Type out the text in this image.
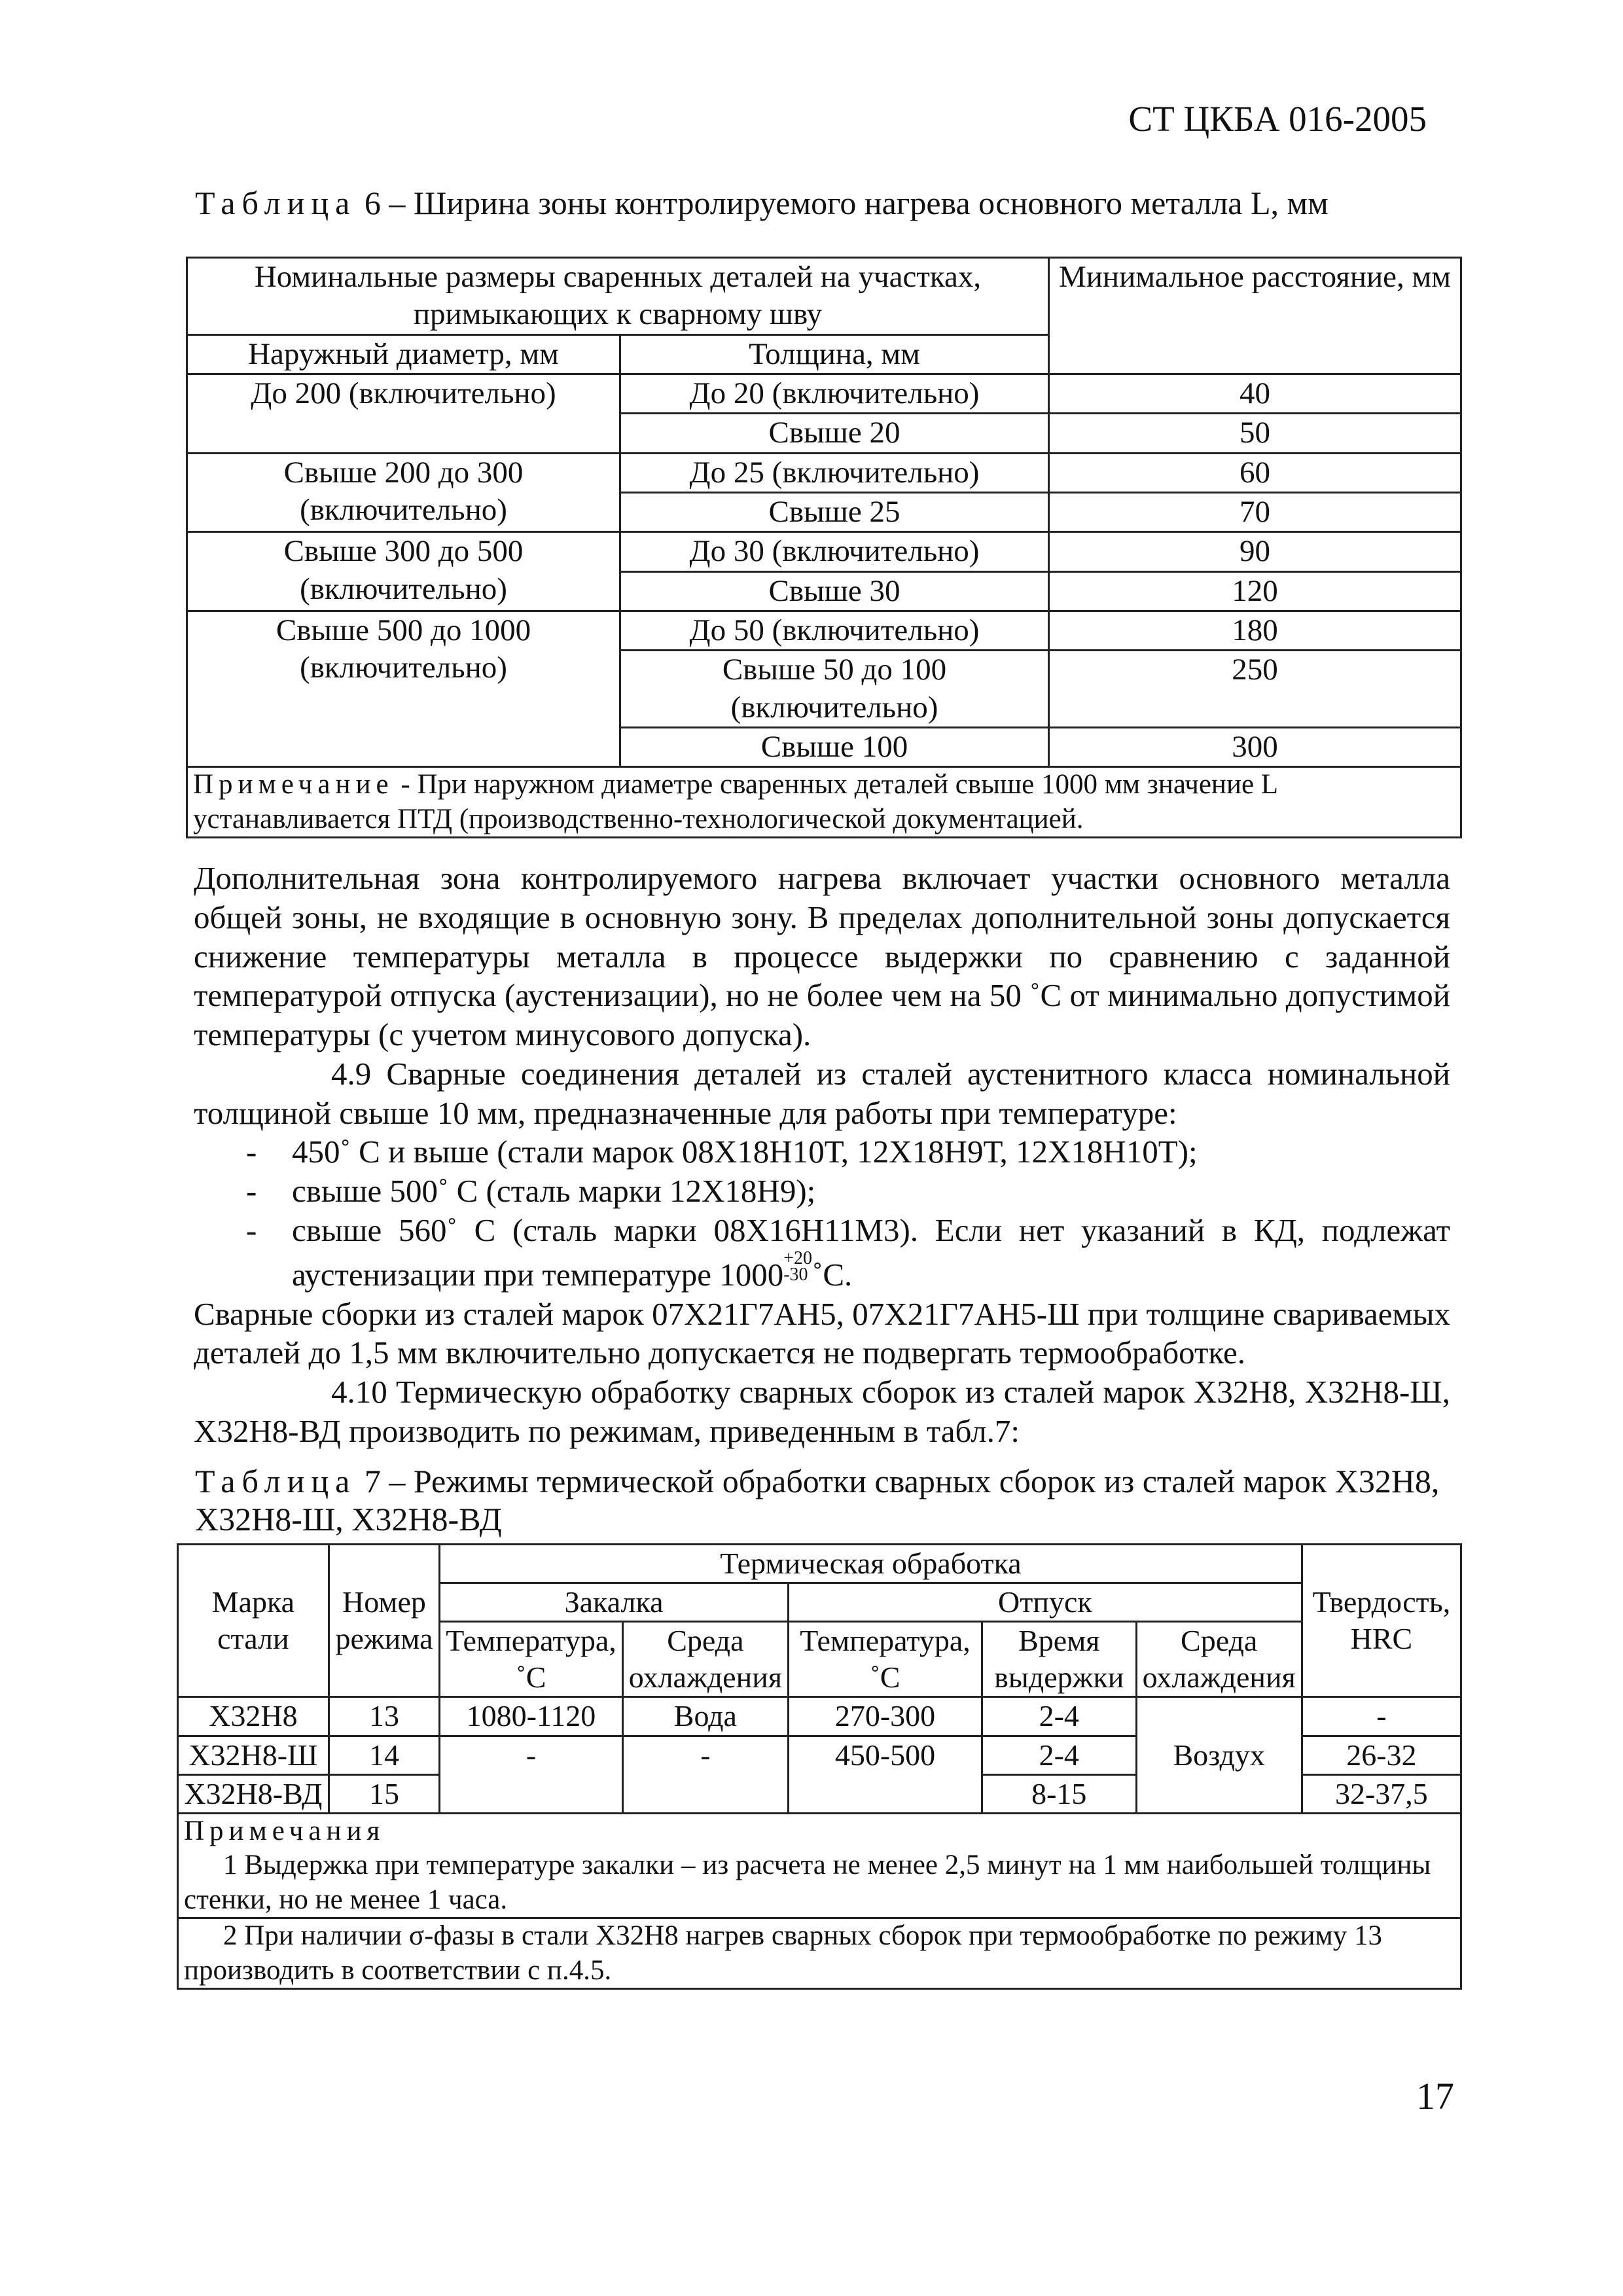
СТ ЦКБА 016-2005
Таблица 6 – Ширина зоны контролируемого нагрева основного металла L, мм
Номинальные размеры сваренных деталей на участках, примыкающих к сварному шву		Минимальное расстояние, мм
Наружный диаметр, мм	Толщина, мм	
До 200 (включительно)	До 20 (включительно)	40
	Свыше 20	50
Свыше 200 до 300 (включительно)	До 25 (включительно)	60
	Свыше 25	70
Свыше 300 до 500 (включительно)	До 30 (включительно)	90
	Свыше 30	120
Свыше 500 до 1000 (включительно)	До 50 (включительно)	180
	Свыше 50 до 100 (включительно)	250
	Свыше 100	300
Примечание - При наружном диаметре сваренных деталей свыше 1000 мм значение L устанавливается ПТД (производственно-технологической документацией.		

Дополнительная зона контролируемого нагрева включает участки основного металла общей зоны, не входящие в основную зону. В пределах дополнительной зоны допускается снижение температуры металла в процессе выдержки по сравнению с заданной температурой отпуска (аустенизации), но не более чем на 50 ˚С от минимально допустимой температуры (с учетом минусового допуска).

4.9 Сварные соединения деталей из сталей аустенитного класса номинальной толщиной свыше 10 мм, предназначенные для работы при температуре:

- 450˚ С и выше (стали марок 08Х18Н10Т, 12Х18Н9Т, 12Х18Н10Т);
- свыше 500˚ С (сталь марки 12Х18Н9);
- свыше 560˚ С (сталь марки 08Х16Н11М3). Если нет указаний в КД, подлежат аустенизации при температуре 1000+20
-30 ˚С.

Сварные сборки из сталей марок 07Х21Г7АН5, 07Х21Г7АН5-Ш при толщине свариваемых деталей до 1,5 мм включительно допускается не подвергать термообработке.

4.10 Термическую обработку сварных сборок из сталей марок Х32Н8, Х32Н8-Ш, Х32Н8-ВД производить по режимам, приведенным в табл.7:

Таблица 7 – Режимы термической обработки сварных сборок из сталей марок Х32Н8, Х32Н8-Ш, Х32Н8-ВД
Марка стали	Номер режима	Термическая обработка					Твердость, HRC
		Закалка		Отпуск			
		Температура, ˚С	Среда охлаждения	Температура, ˚С	Время выдержки	Среда охлаждения	
Х32Н8	13	1080-1120	Вода	270-300	2-4	Воздух	-
Х32Н8-Ш	14	-	-	450-500	2-4		26-32
Х32Н8-ВД	15				8-15		32-37,5

Примечания
1 Выдержка при температуре закалки – из расчета не менее 2,5 минут на 1 мм наибольшей толщины стенки, но не менее 1 часа.							

2 При наличии σ-фазы в стали Х32Н8 нагрев сварных сборок при термообработке по режиму 13 производить в соответствии с п.4.5.							
17
